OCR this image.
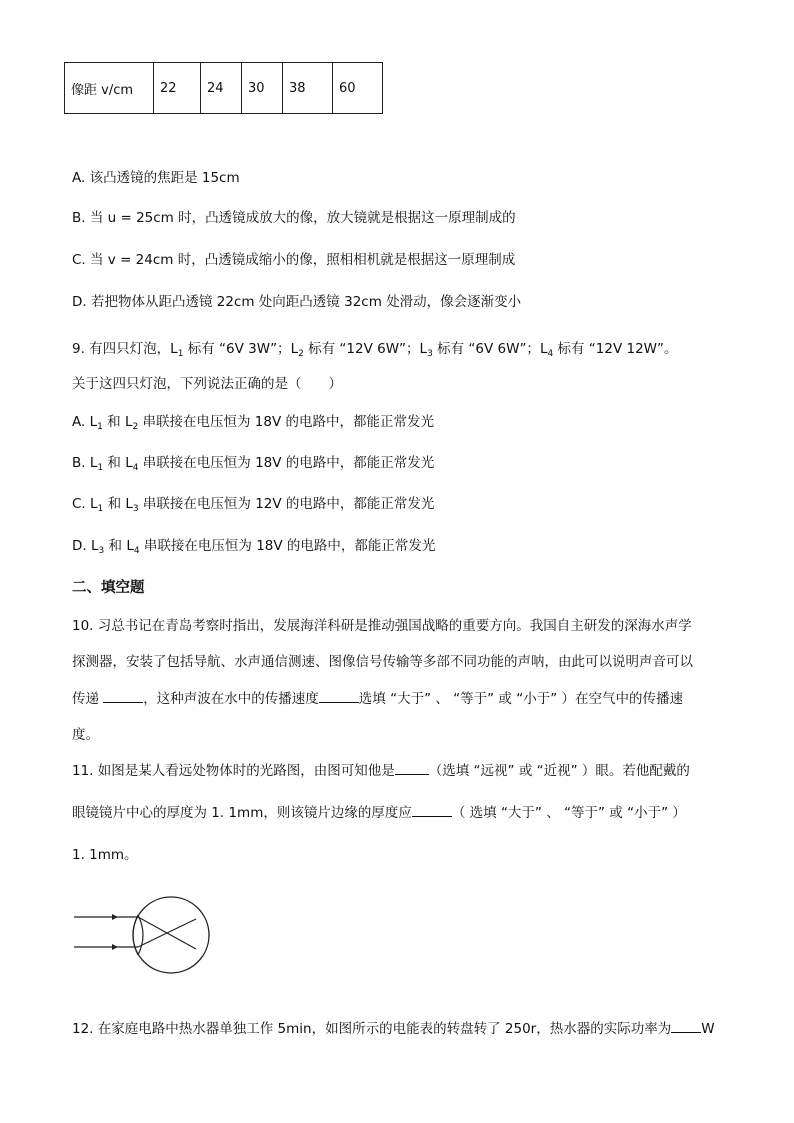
像距 v/cm	22	24	30	38	60
A. 该凸透镜的焦距是 15cm
B. 当 u = 25cm 时，凸透镜成放大的像，放大镜就是根据这一原理制成的
C. 当 v = 24cm 时，凸透镜成缩小的像，照相相机就是根据这一原理制成
D. 若把物体从距凸透镜 22cm 处向距凸透镜 32cm 处滑动，像会逐渐变小
9. 有四只灯泡，$L_1$ 标有 “6V 3W”；$L_2$ 标有 “12V 6W”；$L_3$ 标有 “6V 6W”；$L_4$ 标有 “12V 12W”。
关于这四只灯泡，下列说法正确的是（　　）
A. $L_1$ 和 $L_2$ 串联接在电压恒为 18V 的电路中，都能正常发光
B. $L_1$ 和 $L_4$ 串联接在电压恒为 18V 的电路中，都能正常发光
C. $L_1$ 和 $L_3$ 串联接在电压恒为 12V 的电路中，都能正常发光
D. $L_3$ 和 $L_4$ 串联接在电压恒为 18V 的电路中，都能正常发光
二、填空题
10. 习总书记在青岛考察时指出，发展海洋科研是推动强国战略的重要方向。我国自主研发的深海水声学
探测器，安装了包括导航、水声通信测速、图像信号传输等多部不同功能的声呐，由此可以说明声音可以
传递	，这种声波在水中的传播速度	选填 “大于” 、 “等于” 或 “小于” ）在空气中的传播速
度。
11. 如图是某人看远处物体时的光路图，由图可知他是	（选填 “远视” 或 “近视” ）眼。若他配戴的
眼镜镜片中心的厚度为 1. 1mm，则该镜片边缘的厚度应	（ 选填 “大于” 、 “等于” 或 “小于” ）
1. 1mm。
12. 在家庭电路中热水器单独工作 5min，如图所示的电能表的转盘转了 250r，热水器的实际功率为 W
